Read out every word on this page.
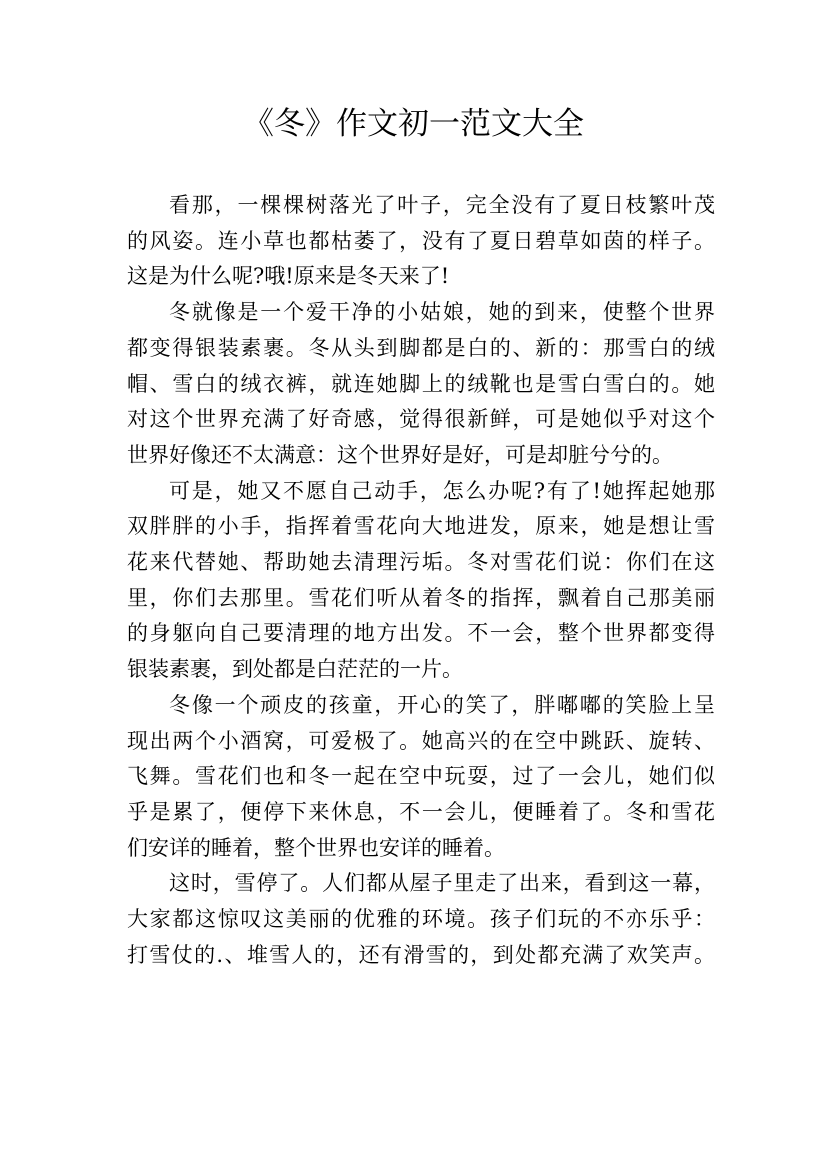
《冬》作文初一范文大全

看那，一棵棵树落光了叶子，完全没有了夏日枝繁叶茂
的风姿。连小草也都枯萎了，没有了夏日碧草如茵的样子。
这是为什么呢?哦!原来是冬天来了!

冬就像是一个爱干净的小姑娘，她的到来，使整个世界
都变得银装素裹。冬从头到脚都是白的、新的：那雪白的绒
帽、雪白的绒衣裤，就连她脚上的绒靴也是雪白雪白的。她
对这个世界充满了好奇感，觉得很新鲜，可是她似乎对这个
世界好像还不太满意：这个世界好是好，可是却脏兮兮的。

可是，她又不愿自己动手，怎么办呢?有了!她挥起她那
双胖胖的小手，指挥着雪花向大地进发，原来，她是想让雪
花来代替她、帮助她去清理污垢。冬对雪花们说：你们在这
里，你们去那里。雪花们听从着冬的指挥，飘着自己那美丽
的身躯向自己要清理的地方出发。不一会，整个世界都变得
银装素裹，到处都是白茫茫的一片。

冬像一个顽皮的孩童，开心的笑了，胖嘟嘟的笑脸上呈
现出两个小酒窝，可爱极了。她高兴的在空中跳跃、旋转、
飞舞。雪花们也和冬一起在空中玩耍，过了一会儿，她们似
乎是累了，便停下来休息，不一会儿，便睡着了。冬和雪花
们安详的睡着，整个世界也安详的睡着。

这时，雪停了。人们都从屋子里走了出来，看到这一幕，
大家都这惊叹这美丽的优雅的环境。孩子们玩的不亦乐乎：
打雪仗的.、堆雪人的，还有滑雪的，到处都充满了欢笑声。
